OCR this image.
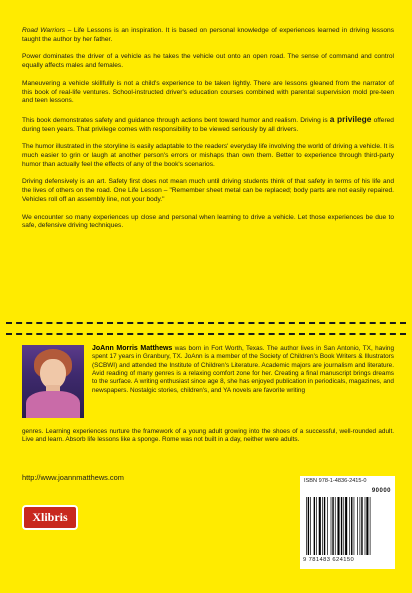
Road Warriors – Life Lessons is an inspiration. It is based on personal knowledge of experiences learned in driving lessons taught the author by her father.

Power dominates the driver of a vehicle as he takes the vehicle out onto an open road. The sense of command and control equally affects males and females.

Maneuvering a vehicle skillfully is not a child's experience to be taken lightly. There are lessons gleaned from the narrator of this book of real-life ventures. School-instructed driver's education courses combined with parental supervision mold pre-teen and teen lessons.

This book demonstrates safety and guidance through actions bent toward humor and realism. Driving is a privilege offered during teen years. That privilege comes with responsibility to be viewed seriously by all drivers.

The humor illustrated in the storyline is easily adaptable to the readers' everyday life involving the world of driving a vehicle. It is much easier to grin or laugh at another person's errors or mishaps than own them. Better to experience through third-party humor than actually feel the effects of any of the book's scenarios.

Driving defensively is an art. Safety first does not mean much until driving students think of that safety in terms of his life and the lives of others on the road. One Life Lesson – "Remember sheet metal can be replaced; body parts are not easily repaired. Vehicles roll off an assembly line, not your body."

We encounter so many experiences up close and personal when learning to drive a vehicle. Let those experiences be due to safe, defensive driving techniques.

JoAnn Morris Matthews was born in Fort Worth, Texas. The author lives in San Antonio, TX, having spent 17 years in Granbury, TX. JoAnn is a member of the Society of Children's Book Writers & Illustrators (SCBWI) and attended the Institute of Children's Literature. Academic majors are journalism and literature. Avid reading of many genres is a relaxing comfort zone for her. Creating a final manuscript brings dreams to the surface. A writing enthusiast since age 8, she has enjoyed publication in periodicals, magazines, and newspapers. Nostalgic stories, children's, and YA novels are favorite writing
genres. Learning experiences nurture the framework of a young adult growing into the shoes of a successful, well-rounded adult. Live and learn. Absorb life lessons like a sponge. Rome was not built in a day, neither were adults.
http://www.joannmatthews.com
Xlibris
ISBN 978-1-4836-2415-0
90000
9 781483 624150
